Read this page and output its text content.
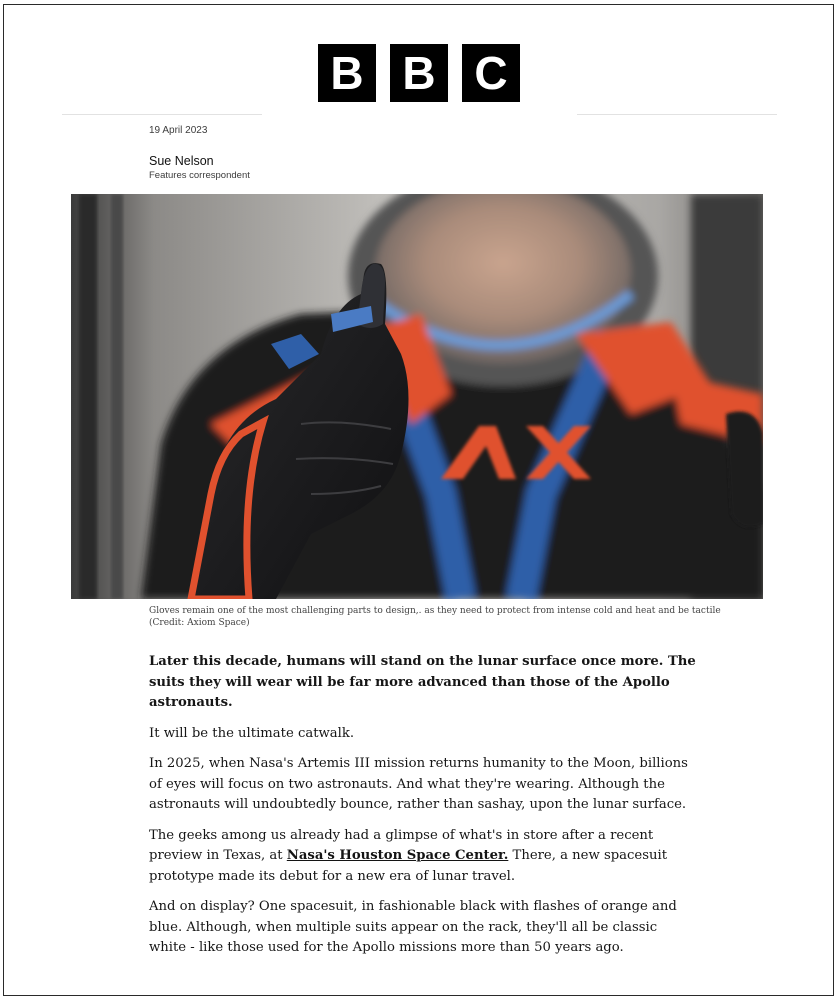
B B C
19 April 2023
Sue Nelson
Features correspondent
Gloves remain one of the most challenging parts to design,. as they need to protect from intense cold and heat and be tactile
(Credit: Axiom Space)

Later this decade, humans will stand on the lunar surface once more. The suits they will wear will be far more advanced than those of the Apollo astronauts.

It will be the ultimate catwalk.

In 2025, when Nasa's Artemis III mission returns humanity to the Moon, billions of eyes will focus on two astronauts. And what they're wearing. Although the astronauts will undoubtedly bounce, rather than sashay, upon the lunar surface.

The geeks among us already had a glimpse of what's in store after a recent preview in Texas, at Nasa's Houston Space Center. There, a new spacesuit prototype made its debut for a new era of lunar travel.

And on display? One spacesuit, in fashionable black with flashes of orange and blue. Although, when multiple suits appear on the rack, they'll all be classic white - like those used for the Apollo missions more than 50 years ago.
